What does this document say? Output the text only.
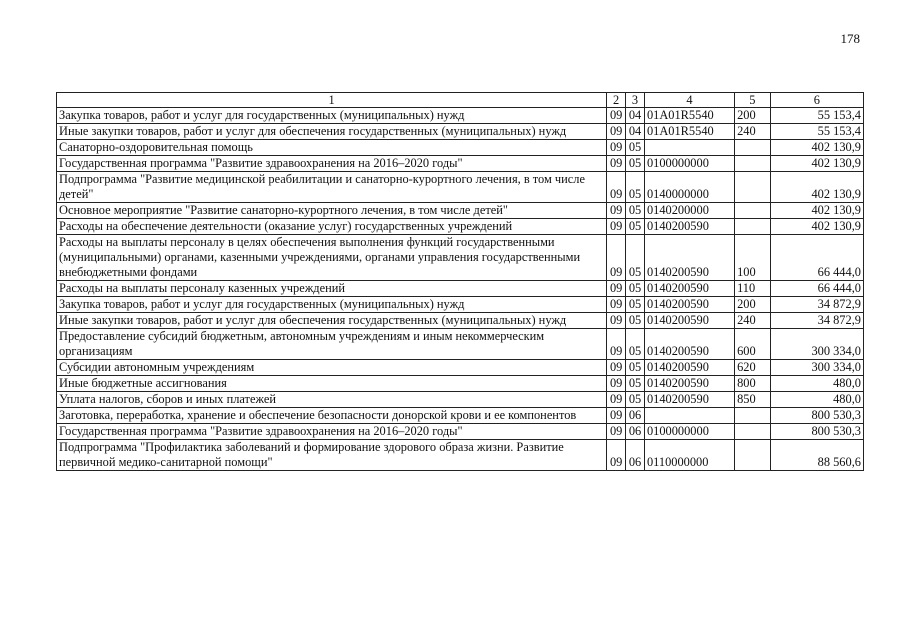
178
1	2	3	4	5	6
Закупка товаров, работ и услуг для государственных (муниципальных) нужд	09	04	01A01R5540	200	55 153,4
Иные закупки товаров, работ и услуг для обеспечения государственных (муниципальных) нужд	09	04	01A01R5540	240	55 153,4
Санаторно-оздоровительная помощь	09	05			402 130,9
Государственная программа "Развитие здравоохранения на 2016–2020 годы"	09	05	0100000000		402 130,9
Подпрограмма "Развитие медицинской реабилитации и санаторно-курортного лечения, в том числе детей"	09	05	0140000000		402 130,9
Основное мероприятие "Развитие санаторно-курортного лечения, в том числе детей"	09	05	0140200000		402 130,9
Расходы на обеспечение деятельности (оказание услуг) государственных учреждений	09	05	0140200590		402 130,9
Расходы на выплаты персоналу в целях обеспечения выполнения функций государственными (муниципальными) органами, казенными учреждениями, органами управления государственными внебюджетными фондами	09	05	0140200590	100	66 444,0
Расходы на выплаты персоналу казенных учреждений	09	05	0140200590	110	66 444,0
Закупка товаров, работ и услуг для государственных (муниципальных) нужд	09	05	0140200590	200	34 872,9
Иные закупки товаров, работ и услуг для обеспечения государственных (муниципальных) нужд	09	05	0140200590	240	34 872,9
Предоставление субсидий бюджетным, автономным учреждениям и иным некоммерческим организациям	09	05	0140200590	600	300 334,0
Субсидии автономным учреждениям	09	05	0140200590	620	300 334,0
Иные бюджетные ассигнования	09	05	0140200590	800	480,0
Уплата налогов, сборов и иных платежей	09	05	0140200590	850	480,0
Заготовка, переработка, хранение и обеспечение безопасности донорской крови и ее компонентов	09	06			800 530,3
Государственная программа "Развитие здравоохранения на 2016–2020 годы"	09	06	0100000000		800 530,3
Подпрограмма "Профилактика заболеваний и формирование здорового образа жизни. Развитие первичной медико-санитарной помощи"	09	06	0110000000		88 560,6
